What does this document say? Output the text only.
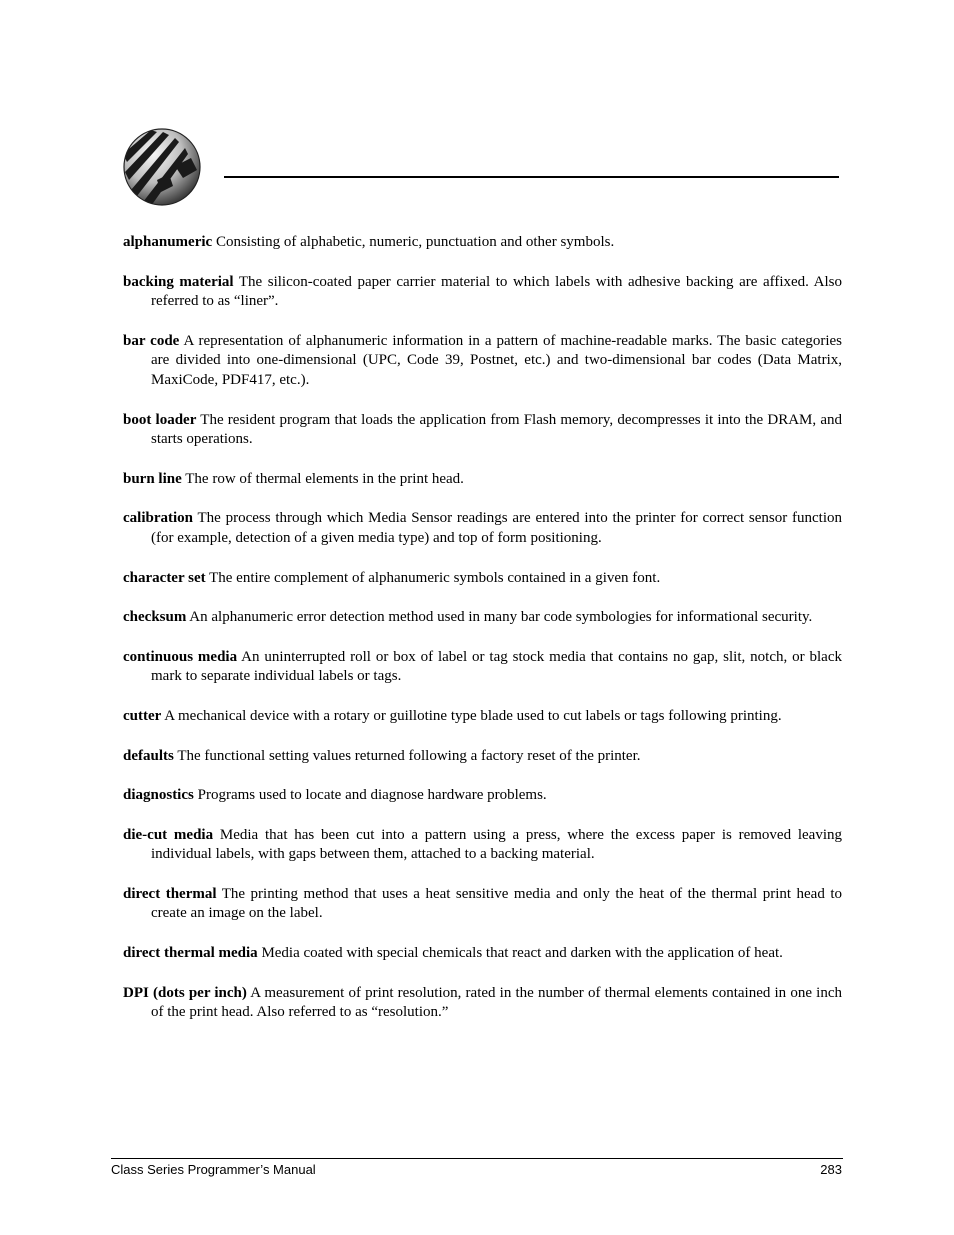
alphanumeric Consisting of alphabetic, numeric, punctuation and other symbols.

backing material The silicon-coated paper carrier material to which labels with adhesive backing are affixed. Also referred to as “liner”.

bar code A representation of alphanumeric information in a pattern of machine-readable marks. The basic categories are divided into one-dimensional (UPC, Code 39, Postnet, etc.) and two-dimensional bar codes (Data Matrix, MaxiCode, PDF417, etc.).

boot loader The resident program that loads the application from Flash memory, decompresses it into the DRAM, and starts operations.

burn line The row of thermal elements in the print head.

calibration The process through which Media Sensor readings are entered into the printer for correct sensor function (for example, detection of a given media type) and top of form positioning.

character set The entire complement of alphanumeric symbols contained in a given font.

checksum An alphanumeric error detection method used in many bar code symbologies for informational security.

continuous media An uninterrupted roll or box of label or tag stock media that contains no gap, slit, notch, or black mark to separate individual labels or tags.

cutter A mechanical device with a rotary or guillotine type blade used to cut labels or tags following printing.

defaults The functional setting values returned following a factory reset of the printer.

diagnostics Programs used to locate and diagnose hardware problems.

die-cut media Media that has been cut into a pattern using a press, where the excess paper is removed leaving individual labels, with gaps between them, attached to a backing material.

direct thermal The printing method that uses a heat sensitive media and only the heat of the thermal print head to create an image on the label.

direct thermal media Media coated with special chemicals that react and darken with the application of heat.

DPI (dots per inch) A measurement of print resolution, rated in the number of thermal elements contained in one inch of the print head. Also referred to as “resolution.”

Class Series Programmer’s Manual	283
